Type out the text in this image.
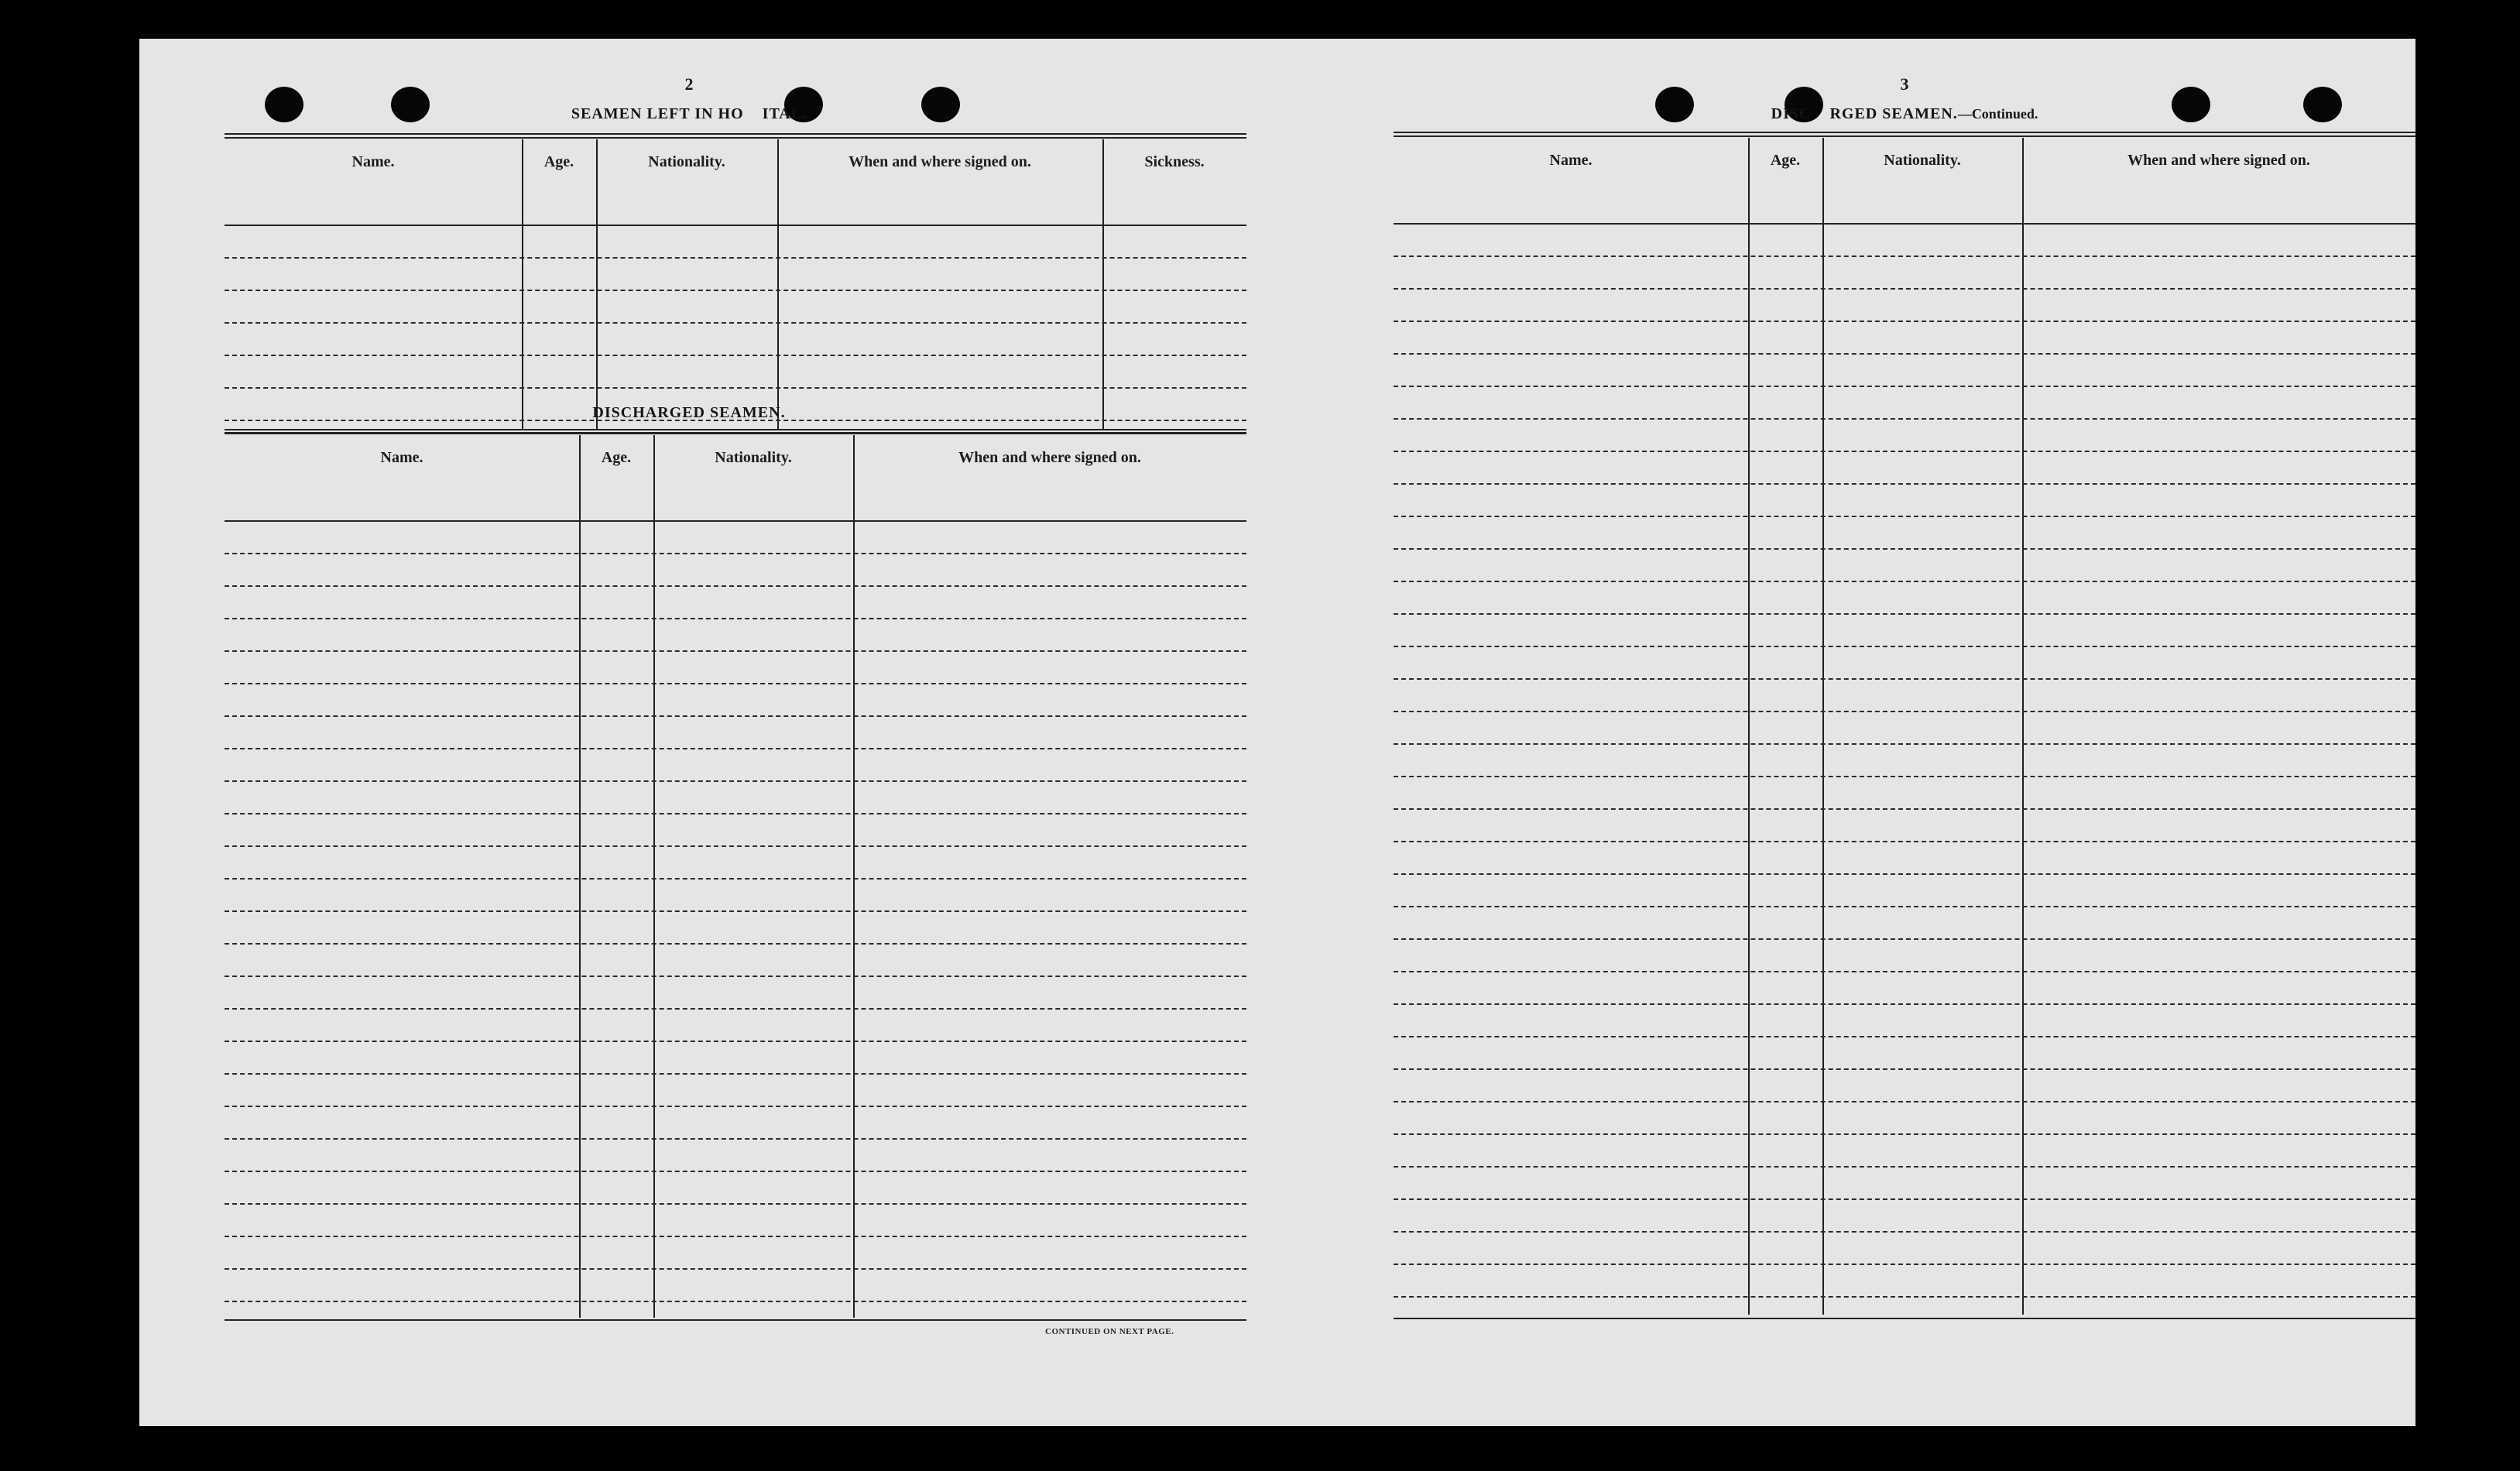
2
SEAMEN LEFT IN HO    ITAL.
Name.	Age.	Nationality.	When and where signed on.	Sickness.
DISCHARGED SEAMEN.
Name.	Age.	Nationality.	When and where signed on.
CONTINUED ON NEXT PAGE.
3
DISC    RGED SEAMEN.—Continued.
Name.	Age.	Nationality.	When and where signed on.
